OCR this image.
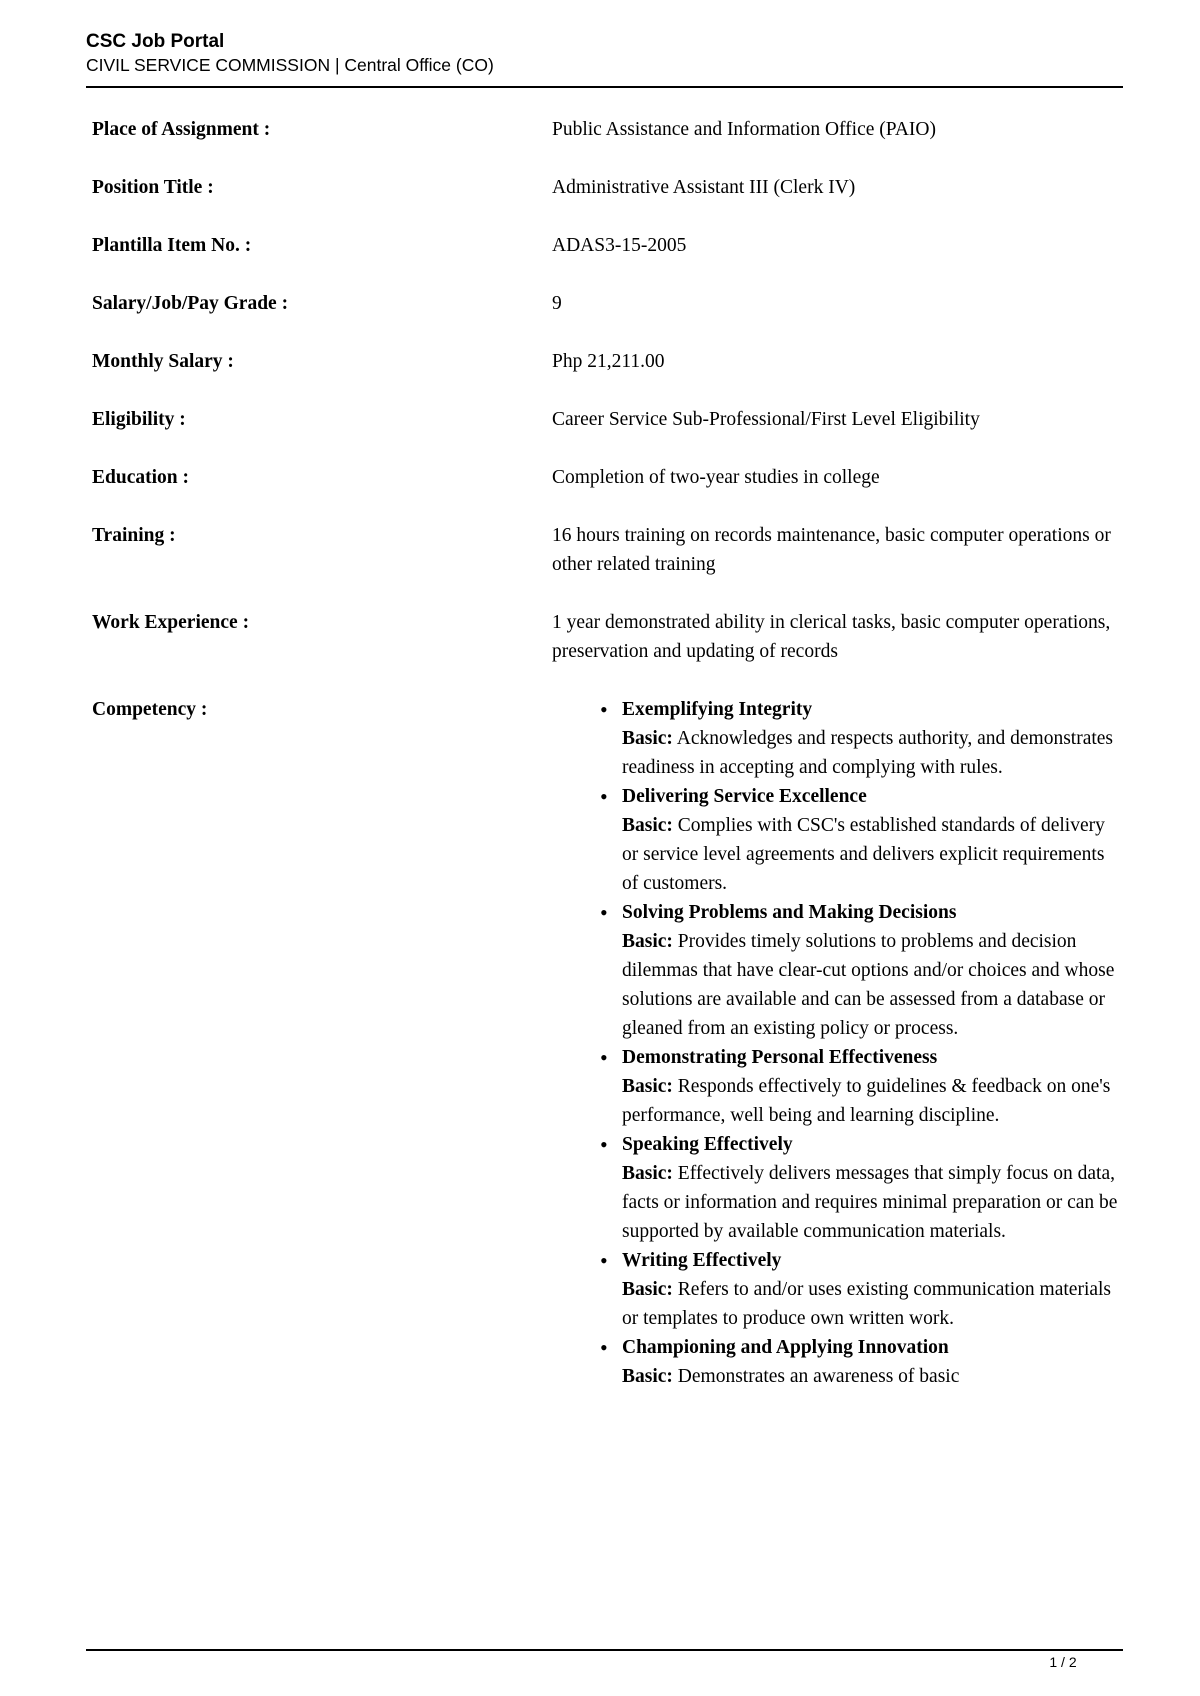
CSC Job Portal
CIVIL SERVICE COMMISSION | Central Office (CO)
Place of Assignment :	Public Assistance and Information Office (PAIO)
Position Title :	Administrative Assistant III (Clerk IV)
Plantilla Item No. :	ADAS3-15-2005
Salary/Job/Pay Grade :	9
Monthly Salary :	Php 21,211.00
Eligibility :	Career Service Sub-Professional/First Level Eligibility
Education :	Completion of two-year studies in college
Training :	16 hours training on records maintenance, basic computer operations or other related training
Work Experience :	1 year demonstrated ability in clerical tasks, basic computer operations, preservation and updating of records
Competency :
•	Exemplifying Integrity
Basic: Acknowledges and respects authority, and demonstrates readiness in accepting and complying with rules.
• Delivering Service Excellence
Basic: Complies with CSC's established standards of delivery or service level agreements and delivers explicit requirements of customers.
• Solving Problems and Making Decisions
Basic: Provides timely solutions to problems and decision dilemmas that have clear-cut options and/or choices and whose solutions are available and can be assessed from a database or gleaned from an existing policy or process.
• Demonstrating Personal Effectiveness
Basic: Responds effectively to guidelines & feedback on one's performance, well being and learning discipline.
• Speaking Effectively
Basic: Effectively delivers messages that simply focus on data, facts or information and requires minimal preparation or can be supported by available communication materials.
• Writing Effectively
Basic: Refers to and/or uses existing communication materials or templates to produce own written work.
• Championing and Applying Innovation
Basic: Demonstrates an awareness of basic
1 / 2
